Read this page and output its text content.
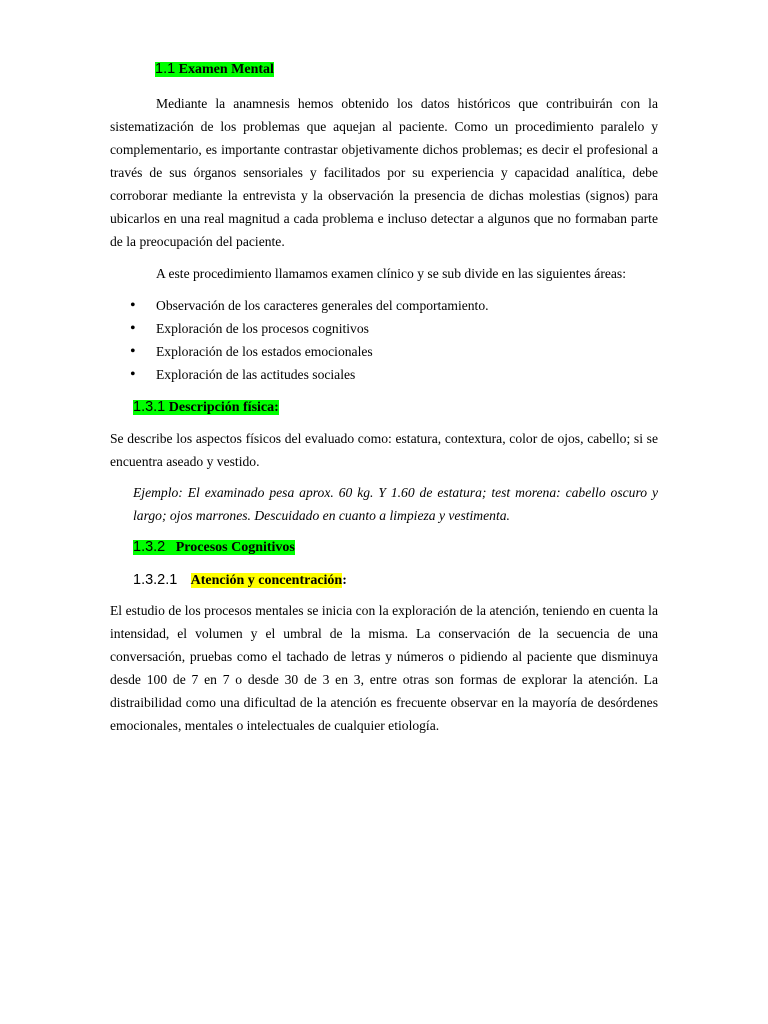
1.1 Examen Mental

Mediante la anamnesis hemos obtenido los datos históricos que contribuirán con la sistematización de los problemas que aquejan al paciente. Como un procedimiento paralelo y complementario, es importante contrastar objetivamente dichos problemas; es decir el profesional a través de sus órganos sensoriales y facilitados por su experiencia y capacidad analítica, debe corroborar mediante la entrevista y la observación la presencia de dichas molestias (signos) para ubicarlos en una real magnitud a cada problema e incluso detectar a algunos que no formaban parte de la preocupación del paciente.

A este procedimiento llamamos examen clínico y se sub divide en las siguientes áreas:

• Observación de los caracteres generales del comportamiento.
• Exploración de los procesos cognitivos
• Exploración de los estados emocionales
• Exploración de las actitudes sociales
1.3.1 Descripción física:

Se describe los aspectos físicos del evaluado como: estatura, contextura, color de ojos, cabello; si se encuentra aseado y vestido.

Ejemplo: El examinado pesa aprox. 60 kg. Y 1.60 de estatura; test morena: cabello oscuro y largo; ojos marrones. Descuidado en cuanto a limpieza y vestimenta.

1.3.2 Procesos Cognitivos
1.3.2.1 Atención y concentración:

El estudio de los procesos mentales se inicia con la exploración de la atención, teniendo en cuenta la intensidad, el volumen y el umbral de la misma. La conservación de la secuencia de una conversación, pruebas como el tachado de letras y números o pidiendo al paciente que disminuya desde 100 de 7 en 7 o desde 30 de 3 en 3, entre otras son formas de explorar la atención. La distraibilidad como una dificultad de la atención es frecuente observar en la mayoría de desórdenes emocionales, mentales o intelectuales de cualquier etiología.
